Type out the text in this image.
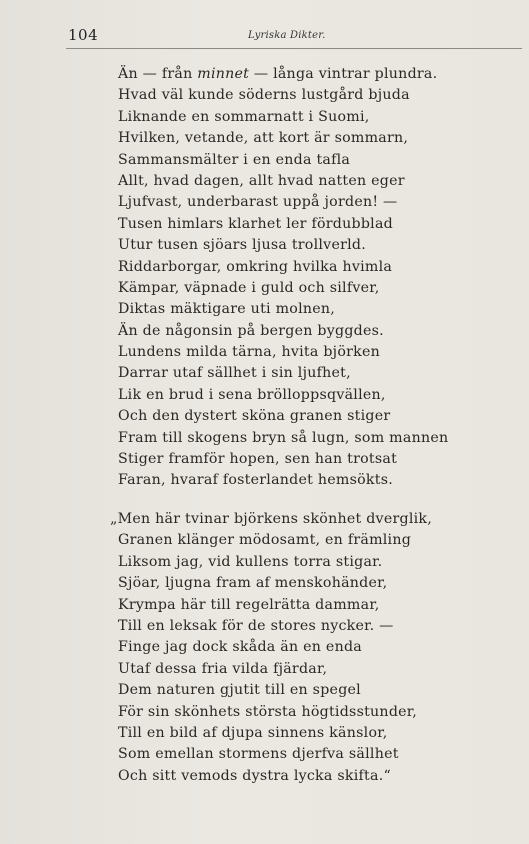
104	Lyriska Dikter.
Än — från minnet — långa vintrar plundra.
Hvad väl kunde söderns lustgård bjuda
Liknande en sommarnatt i Suomi,
Hvilken, vetande, att kort är sommarn,
Sammansmälter i en enda tafla
Allt, hvad dagen, allt hvad natten eger
Ljufvast, underbarast uppå jorden! —
Tusen himlars klarhet ler fördubblad
Utur tusen sjöars ljusa trollverld.
Riddarborgar, omkring hvilka hvimla
Kämpar, väpnade i guld och silfver,
Diktas mäktigare uti molnen,
Än de någonsin på bergen byggdes.
Lundens milda tärna, hvita björken
Darrar utaf sällhet i sin ljufhet,
Lik en brud i sena brölloppsqvällen,
Och den dystert sköna granen stiger
Fram till skogens bryn så lugn, som mannen
Stiger framför hopen, sen han trotsat
Faran, hvaraf fosterlandet hemsökts.
„Men här tvinar björkens skönhet dverglik,
Granen klänger mödosamt, en främling
Liksom jag, vid kullens torra stigar.
Sjöar, ljugna fram af menskohänder,
Krympa här till regelrätta dammar,
Till en leksak för de stores nycker. —
Finge jag dock skåda än en enda
Utaf dessa fria vilda fjärdar,
Dem naturen gjutit till en spegel
För sin skönhets största högtidsstunder,
Till en bild af djupa sinnens känslor,
Som emellan stormens djerfva sällhet
Och sitt vemods dystra lycka skifta.“
